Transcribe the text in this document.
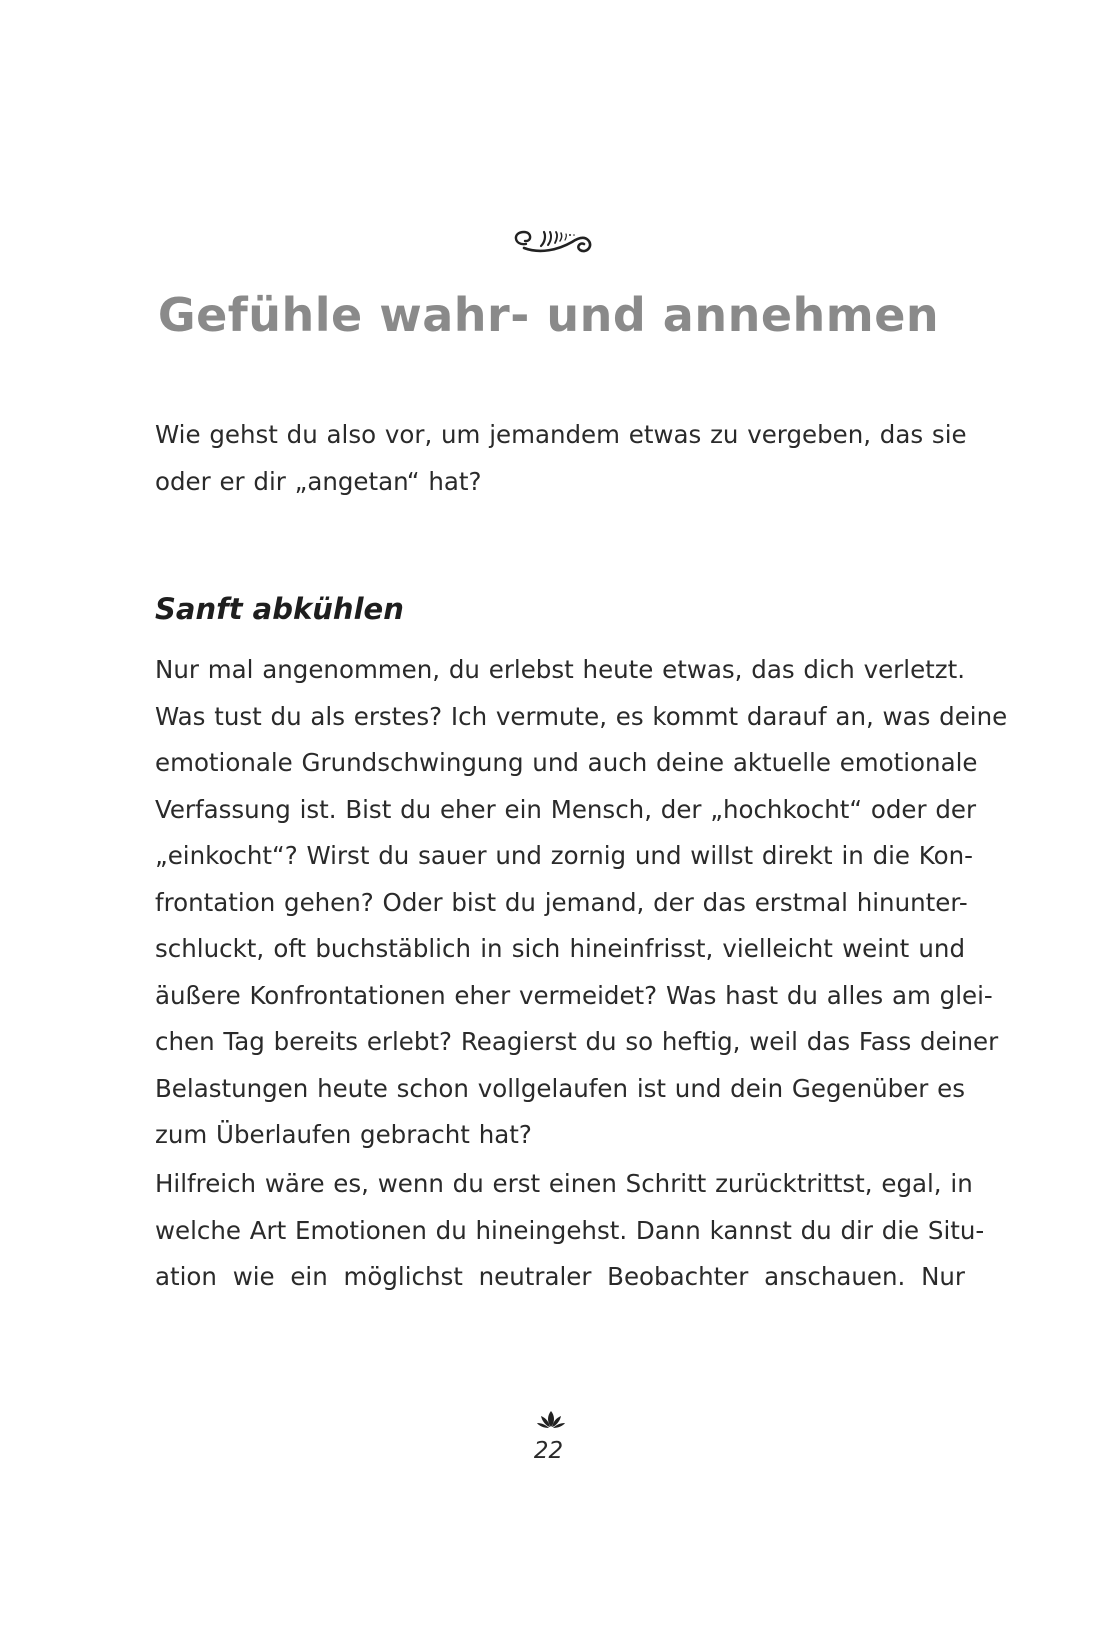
Gefühle wahr- und annehmen

Wie gehst du also vor, um jemandem etwas zu vergeben, das sie
oder er dir „angetan“ hat?

Sanft abkühlen

Nur mal angenommen, du erlebst heute etwas, das dich verletzt.
Was tust du als erstes? Ich vermute, es kommt darauf an, was deine
emotionale Grundschwingung und auch deine aktuelle emotionale
Verfassung ist. Bist du eher ein Mensch, der „hochkocht“ oder der
„einkocht“? Wirst du sauer und zornig und willst direkt in die Kon-
frontation gehen? Oder bist du jemand, der das erstmal hinunter-
schluckt, oft buchstäblich in sich hineinfrisst, vielleicht weint und
äußere Konfrontationen eher vermeidet? Was hast du alles am glei-
chen Tag bereits erlebt? Reagierst du so heftig, weil das Fass deiner
Belastungen heute schon vollgelaufen ist und dein Gegenüber es
zum Überlaufen gebracht hat?

Hilfreich wäre es, wenn du erst einen Schritt zurücktrittst, egal, in
welche Art Emotionen du hineingehst. Dann kannst du dir die Situ-
ation wie ein möglichst neutraler Beobachter anschauen. Nur

22
